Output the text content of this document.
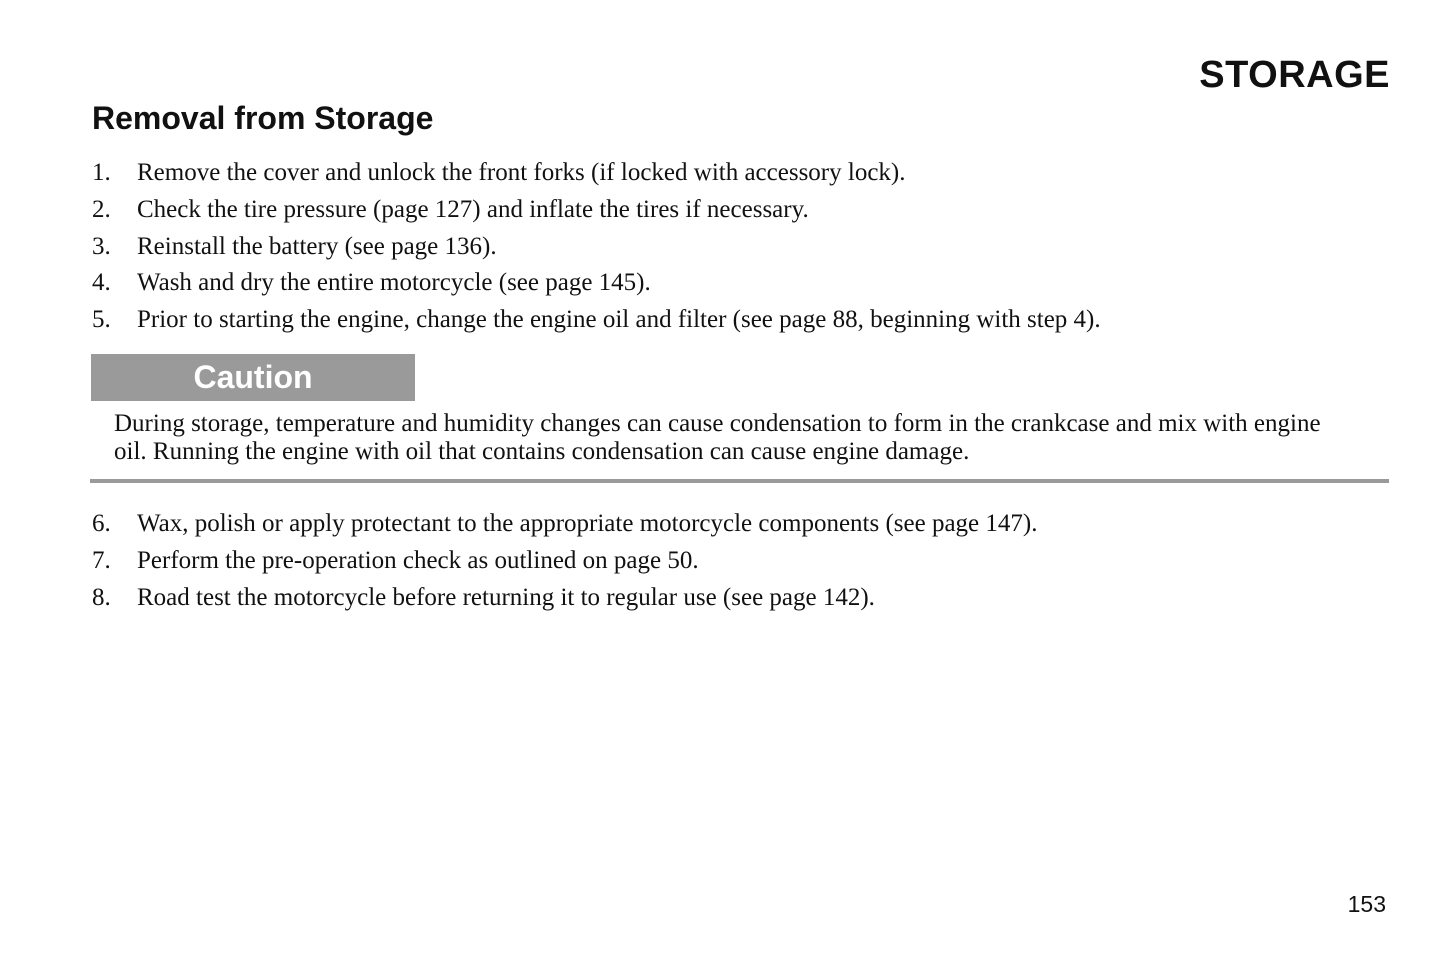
STORAGE
Removal from Storage
1.	Remove the cover and unlock the front forks (if locked with accessory lock).
2.	Check the tire pressure (page 127) and inflate the tires if necessary.
3.	Reinstall the battery (see page 136).
4.	Wash and dry the entire motorcycle (see page 145).
5.	Prior to starting the engine, change the engine oil and filter (see page 88, beginning with step 4).
Caution

During storage, temperature and humidity changes can cause condensation to form in the crankcase and mix with engine oil. Running the engine with oil that contains condensation can cause engine damage.

6.	Wax, polish or apply protectant to the appropriate motorcycle components (see page 147).
7.	Perform the pre-operation check as outlined on page 50.
8.	Road test the motorcycle before returning it to regular use (see page 142).
153
